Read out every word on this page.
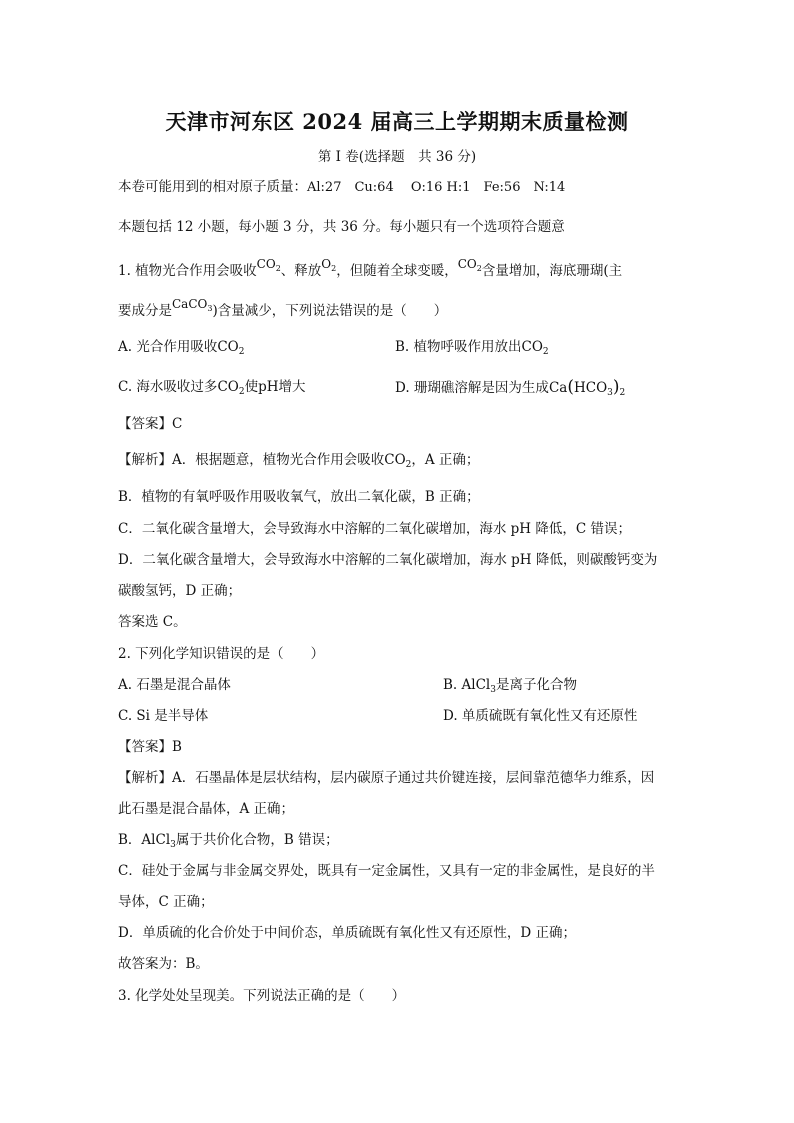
天津市河东区 2024 届高三上学期期末质量检测
第 I 卷(选择题　共 36 分)
本卷可能用到的相对原子质量：Al:27　Cu:64　 O:16 H:1　Fe:56　N:14
本题包括 12 小题，每小题 3 分，共 36 分。每小题只有一个选项符合题意
1. 植物光合作用会吸收$CO_2$、释放$O_2$，但随着全球变暖，$CO_2$含量增加，海底珊瑚(主
要成分是CaCO$_3$)含量减少，下列说法错误的是（　　）
A. 光合作用吸收$CO_2$	B. 植物呼吸作用放出$CO_2$
C. 海水吸收过多$CO_2$使pH增大	D. 珊瑚礁溶解是因为生成$Ca(HCO_3)_2$
【答案】C
【解析】A．根据题意，植物光合作用会吸收$CO_2$，A 正确；
B．植物的有氧呼吸作用吸收氧气，放出二氧化碳，B 正确；
C．二氧化碳含量增大，会导致海水中溶解的二氧化碳增加，海水 pH 降低，C 错误；
D．二氧化碳含量增大，会导致海水中溶解的二氧化碳增加，海水 pH 降低，则碳酸钙变为
碳酸氢钙，D 正确；
答案选 C。
2. 下列化学知识错误的是（　　）
A. 石墨是混合晶体	B. AlCl$_3$是离子化合物
C. Si 是半导体	D. 单质硫既有氧化性又有还原性
【答案】B
【解析】A．石墨晶体是层状结构，层内碳原子通过共价键连接，层间靠范德华力维系，因
此石墨是混合晶体，A 正确；
B．AlCl$_3$属于共价化合物，B 错误；
C．硅处于金属与非金属交界处，既具有一定金属性，又具有一定的非金属性，是良好的半
导体，C 正确；
D．单质硫的化合价处于中间价态，单质硫既有氧化性又有还原性，D 正确；
故答案为：B。
3. 化学处处呈现美。下列说法正确的是（　　）
